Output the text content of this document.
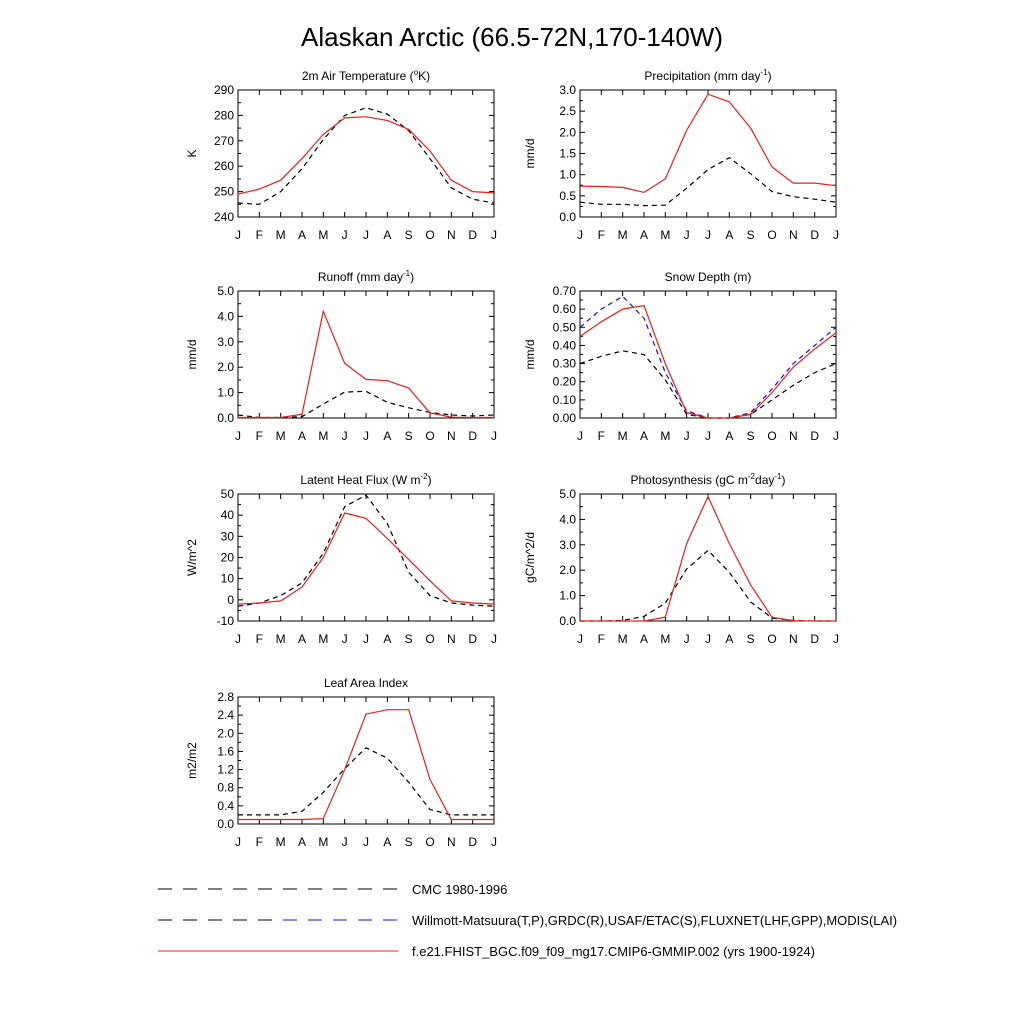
Alaskan Arctic (66.5-72N,170-140W)
2m Air Temperature ($^o$K)
240
250
260
270
280
290
J F M A M J J A S O N D J
K
Precipitation (mm day$^{-1}$)
0.0
0.5
1.0
1.5
2.0
2.5
3.0
J F M A M J J A S O N D J
mm/d
Runoff (mm day$^{-1}$)
0.0
1.0
2.0
3.0
4.0
5.0
J F M A M J J A S O N D J
mm/d
Snow Depth (m)
0.00
0.10
0.20
0.30
0.40
0.50
0.60
0.70
J F M A M J J A S O N D J
mm/d
Latent Heat Flux (W $m^{-2}$)
-10
0
10
20
30
40
50
J F M A M J J A S O N D J
W/m^2
Photosynthesis (gC $m^{-2}day^{-1}$)
0.0
1.0
2.0
3.0
4.0
5.0
J F M A M J J A S O N D J
gC/m^2/d
Leaf Area Index
0.0
0.4
0.8
1.2
1.6
2.0
2.4
2.8
J F M A M J J A S O N D J
m2/m2
CMC 1980-1996
Willmott-Matsuura(T,P),GRDC(R),USAF/ETAC(S),FLUXNET(LHF,GPP),MODIS(LAI)
f.e21.FHIST_BGC.f09_f09_mg17.CMIP6-GMMIP.002 (yrs 1900-1924)
